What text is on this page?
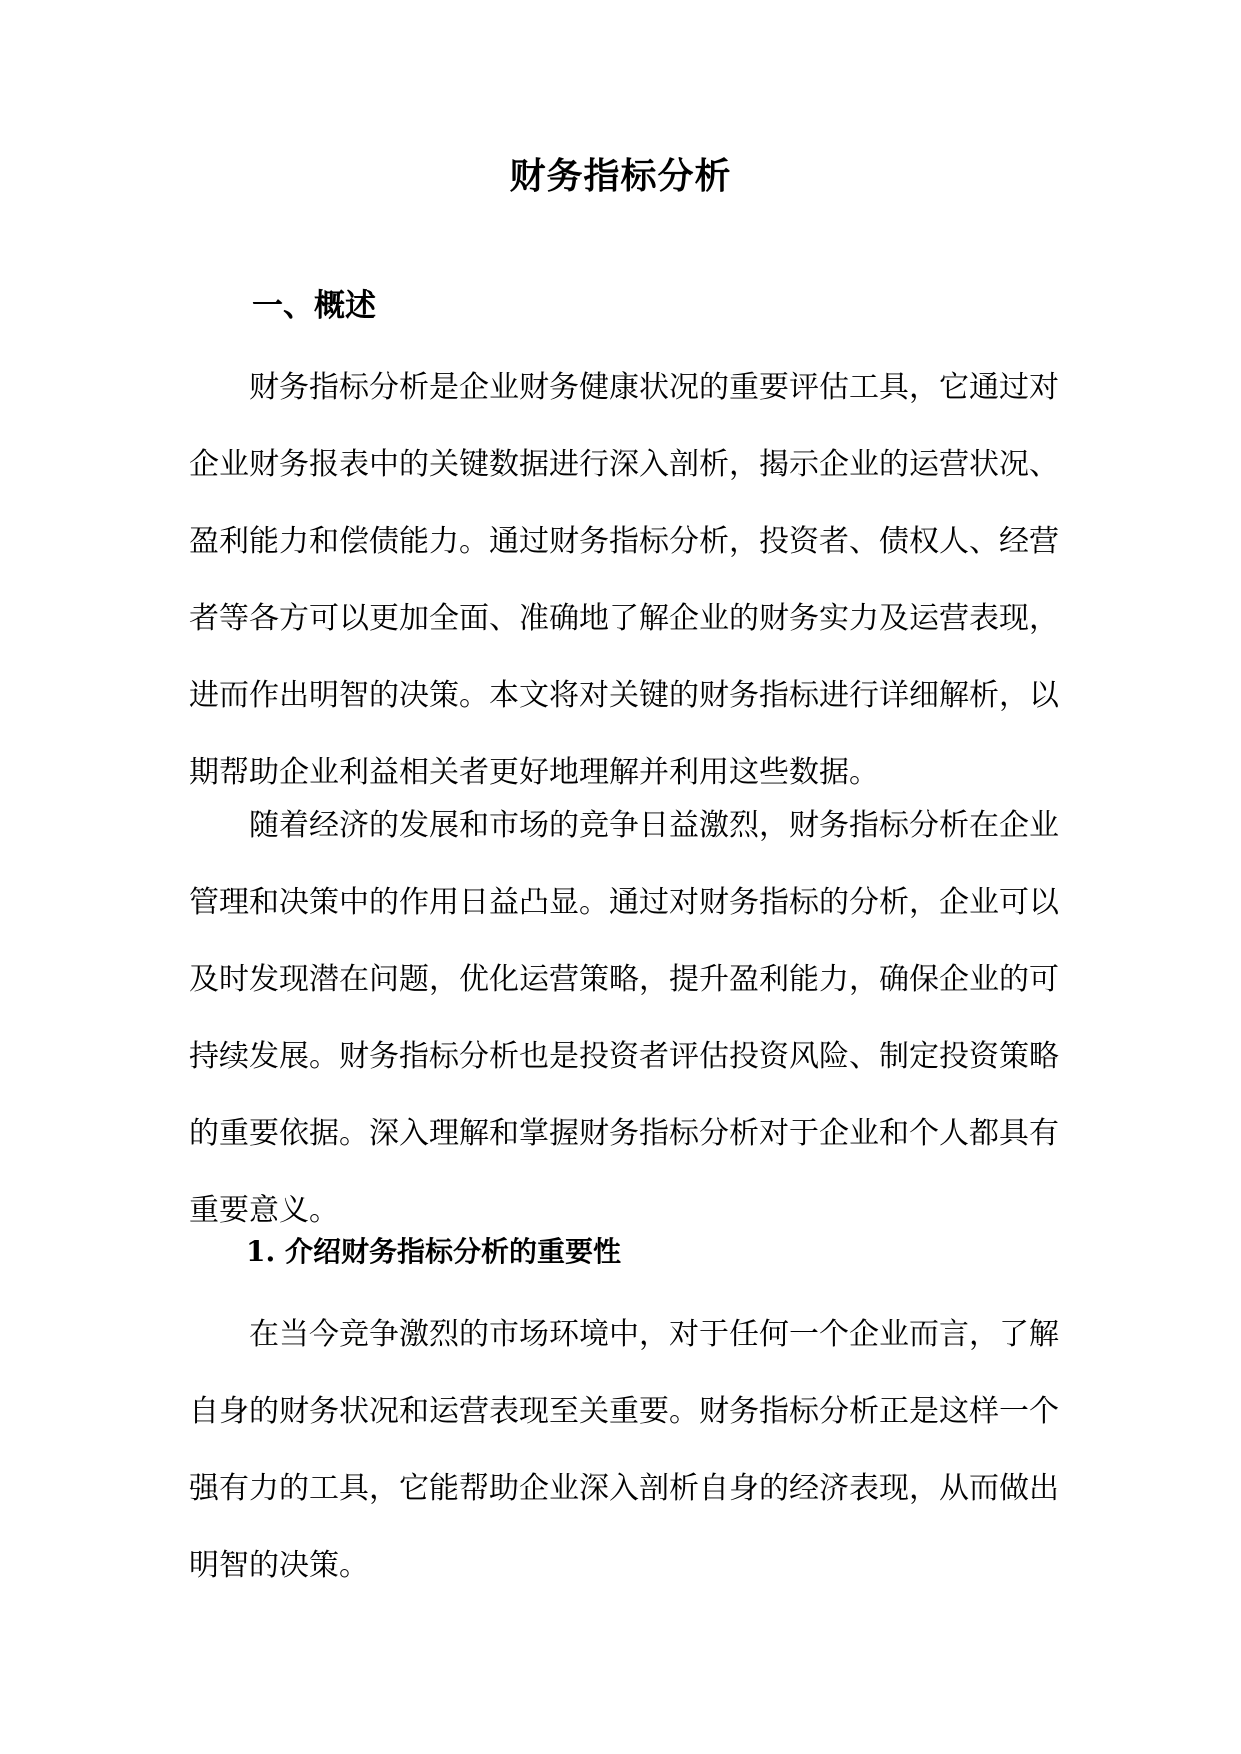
财务指标分析
一、概述

财务指标分析是企业财务健康状况的重要评估工具，它通过对企业财务报表中的关键数据进行深入剖析，揭示企业的运营状况、盈利能力和偿债能力。通过财务指标分析，投资者、债权人、经营者等各方可以更加全面、准确地了解企业的财务实力及运营表现，进而作出明智的决策。本文将对关键的财务指标进行详细解析，以期帮助企业利益相关者更好地理解并利用这些数据。

随着经济的发展和市场的竞争日益激烈，财务指标分析在企业管理和决策中的作用日益凸显。通过对财务指标的分析，企业可以及时发现潜在问题，优化运营策略，提升盈利能力，确保企业的可持续发展。财务指标分析也是投资者评估投资风险、制定投资策略的重要依据。深入理解和掌握财务指标分析对于企业和个人都具有重要意义。

1. 介绍财务指标分析的重要性

在当今竞争激烈的市场环境中，对于任何一个企业而言，了解自身的财务状况和运营表现至关重要。财务指标分析正是这样一个强有力的工具，它能帮助企业深入剖析自身的经济表现，从而做出明智的决策。
